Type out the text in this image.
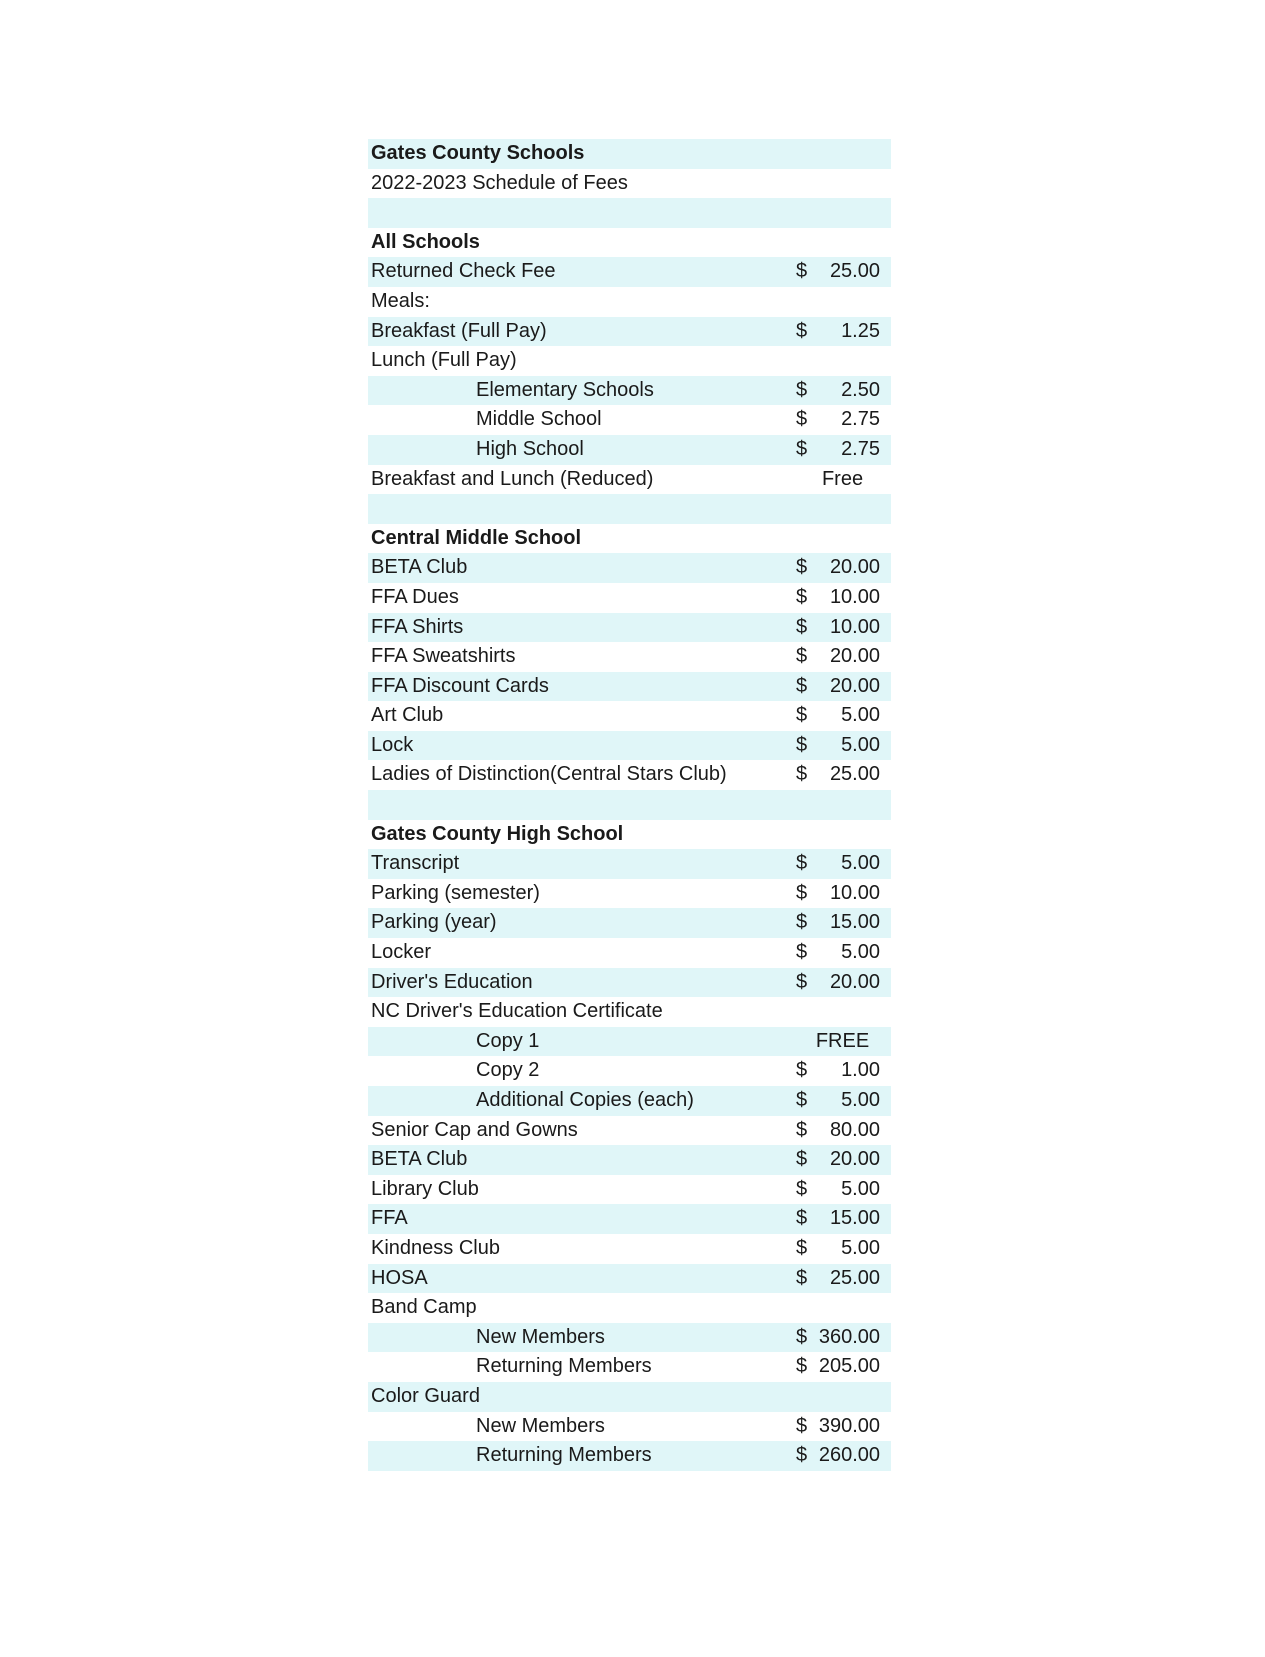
Gates County Schools
2022-2023 Schedule of Fees
All Schools
Returned Check Fee	$ 25.00
Meals:
Breakfast (Full Pay)	$ 1.25
Lunch (Full Pay)
Elementary Schools	$ 2.50
Middle School	$ 2.75
High School	$ 2.75
Breakfast and Lunch (Reduced)	Free
Central Middle School
BETA Club	$ 20.00
FFA Dues	$ 10.00
FFA Shirts	$ 10.00
FFA Sweatshirts	$ 20.00
FFA Discount Cards	$ 20.00
Art Club	$ 5.00
Lock	$ 5.00
Ladies of Distinction(Central Stars Club)	$ 25.00
Gates County High School
Transcript	$ 5.00
Parking (semester)	$ 10.00
Parking (year)	$ 15.00
Locker	$ 5.00
Driver's Education	$ 20.00
NC Driver's Education Certificate
Copy 1	FREE
Copy 2	$ 1.00
Additional Copies (each)	$ 5.00
Senior Cap and Gowns	$ 80.00
BETA Club	$ 20.00
Library Club	$ 5.00
FFA	$ 15.00
Kindness Club	$ 5.00
HOSA	$ 25.00
Band Camp
New Members	$ 360.00
Returning Members	$ 205.00
Color Guard
New Members	$ 390.00
Returning Members	$ 260.00
